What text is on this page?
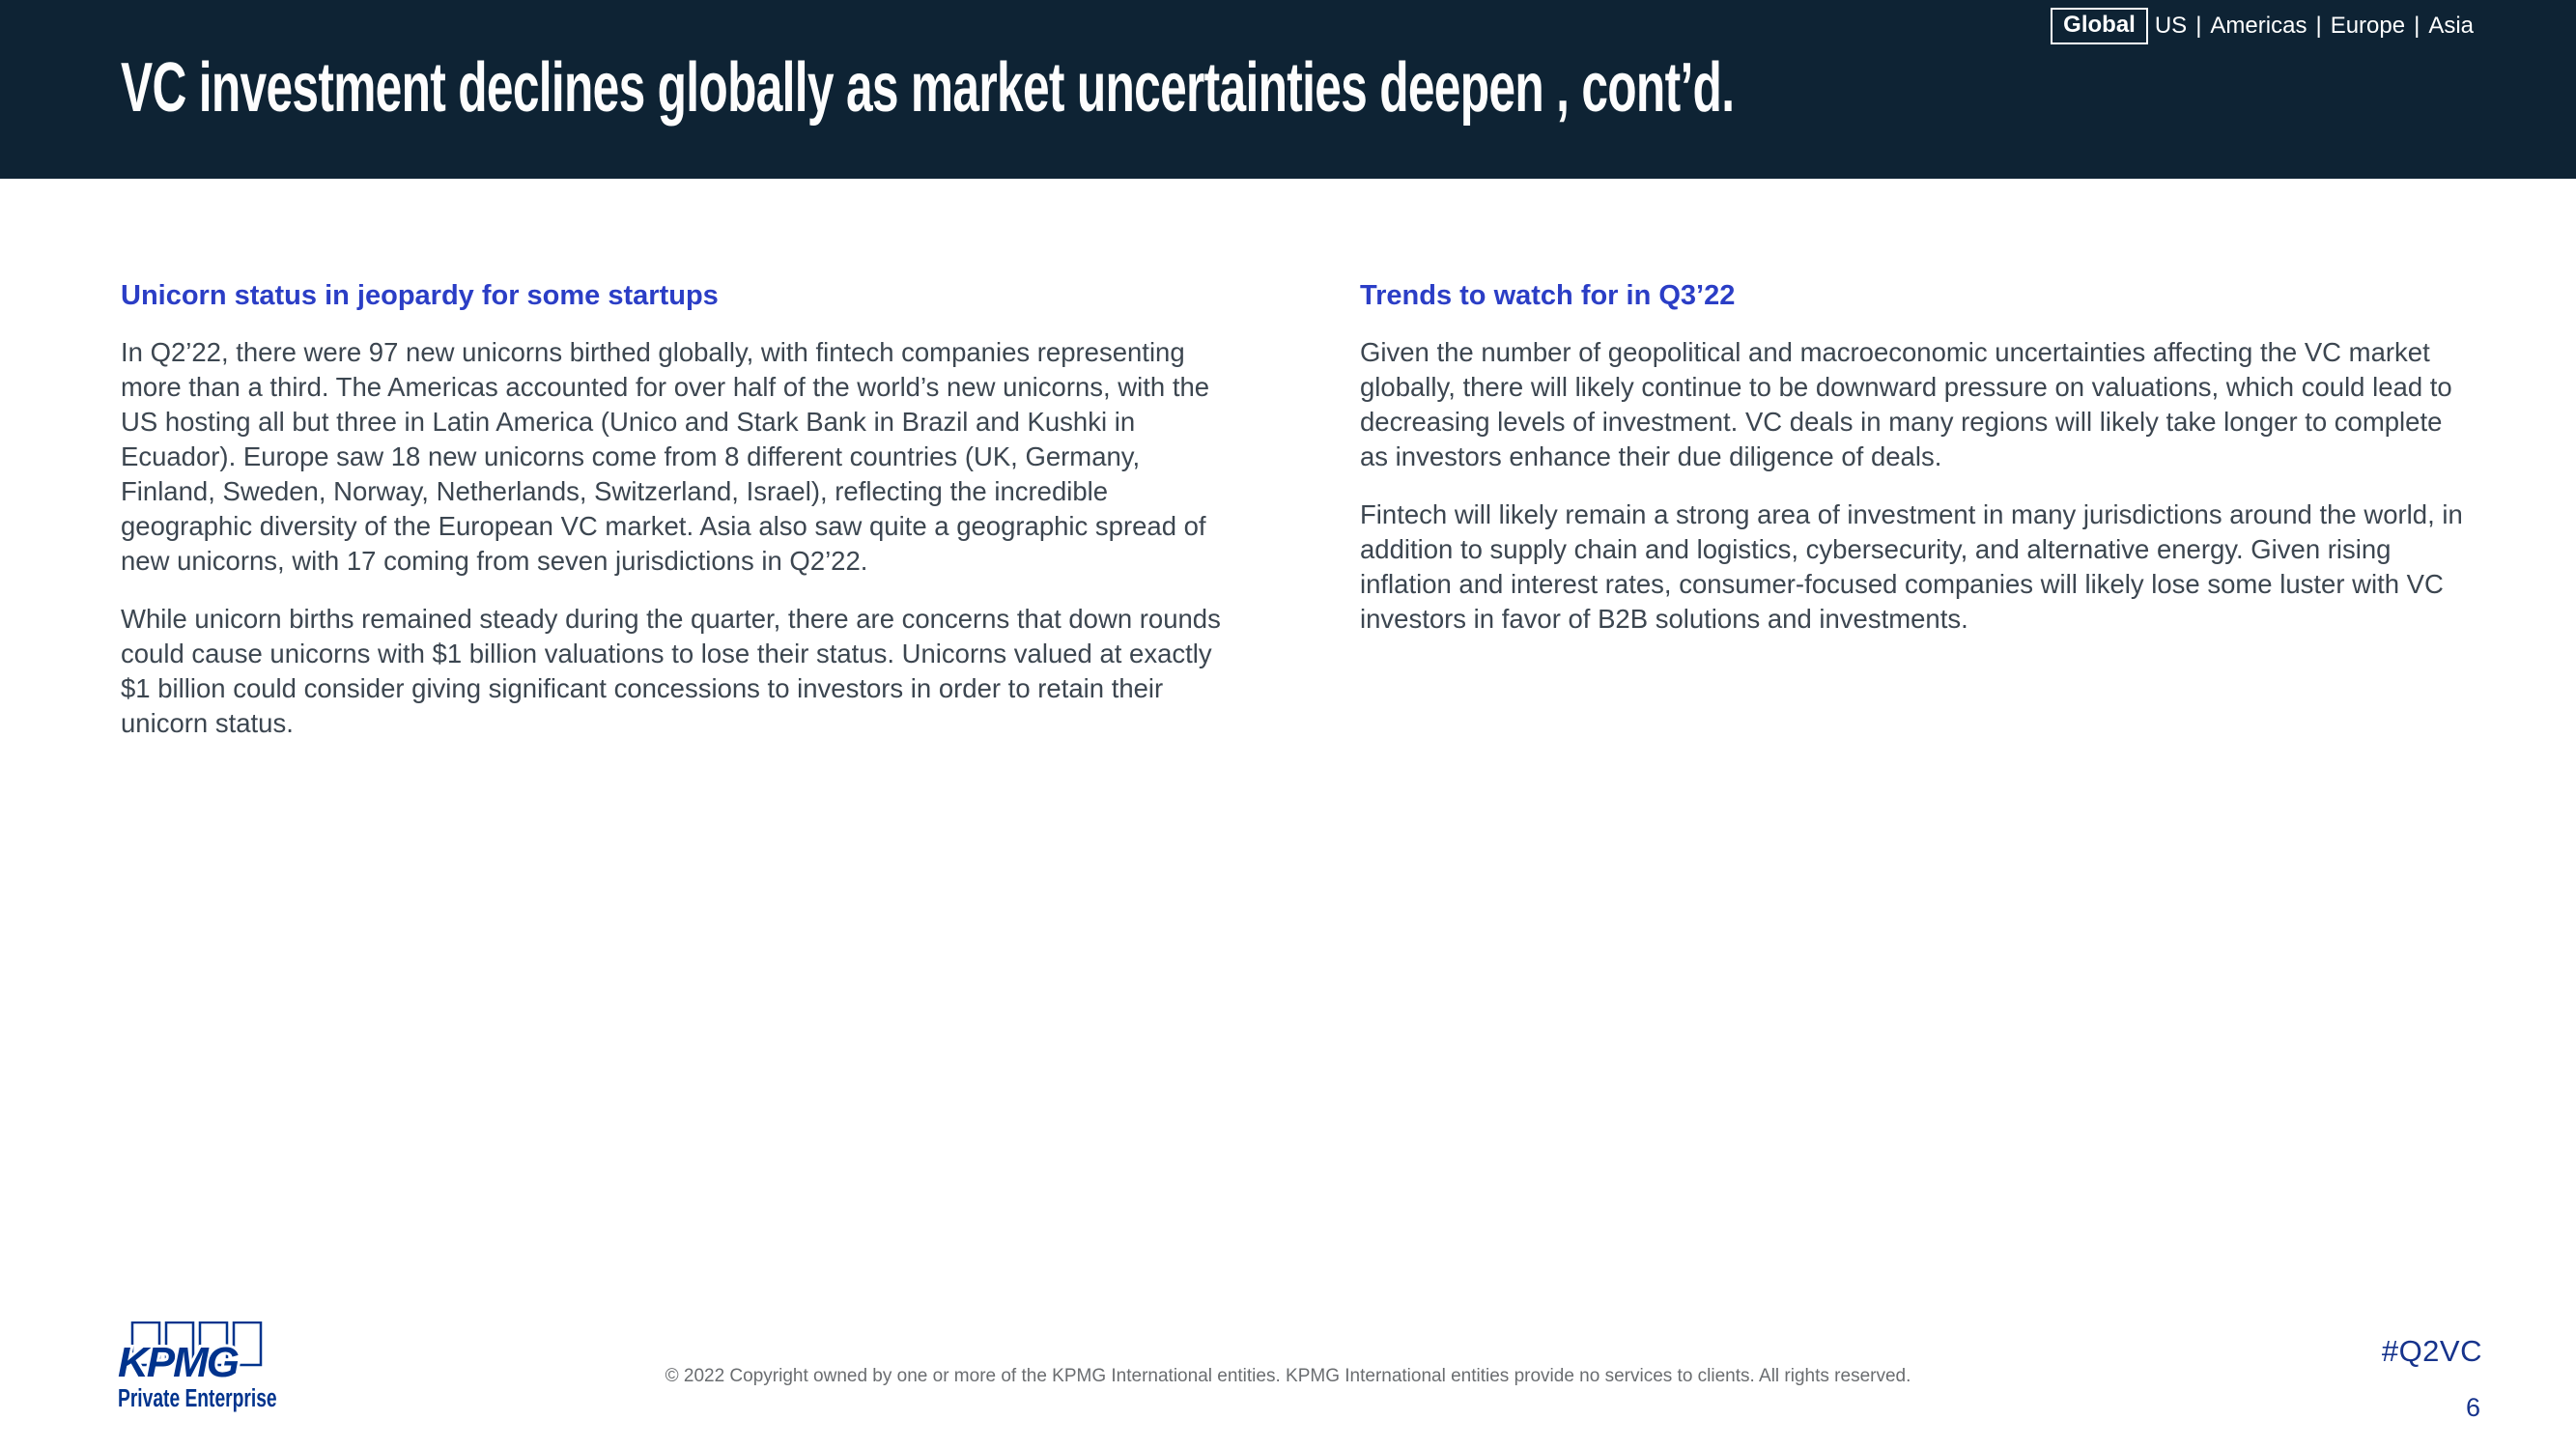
VC investment declines globally as market uncertainties deepen , cont’d.
Global US | Americas | Europe | Asia
Unicorn status in jeopardy for some startups

In Q2’22, there were 97 new unicorns birthed globally, with fintech companies representing more than a third. The Americas accounted for over half of the world’s new unicorns, with the US hosting all but three in Latin America (Unico and Stark Bank in Brazil and Kushki in Ecuador). Europe saw 18 new unicorns come from 8 different countries (UK, Germany, Finland, Sweden, Norway, Netherlands, Switzerland, Israel), reflecting the incredible geographic diversity of the European VC market. Asia also saw quite a geographic spread of new unicorns, with 17 coming from seven jurisdictions in Q2’22.

While unicorn births remained steady during the quarter, there are concerns that down rounds could cause unicorns with $1 billion valuations to lose their status. Unicorns valued at exactly $1 billion could consider giving significant concessions to investors in order to retain their unicorn status.

Trends to watch for in Q3’22

Given the number of geopolitical and macroeconomic uncertainties affecting the VC market globally, there will likely continue to be downward pressure on valuations, which could lead to decreasing levels of investment. VC deals in many regions will likely take longer to complete as investors enhance their due diligence of deals.

Fintech will likely remain a strong area of investment in many jurisdictions around the world, in addition to supply chain and logistics, cybersecurity, and alternative energy. Given rising inflation and interest rates, consumer-focused companies will likely lose some luster with VC investors in favor of B2B solutions and investments.

KPMG
Private Enterprise
© 2022 Copyright owned by one or more of the KPMG International entities. KPMG International entities provide no services to clients. All rights reserved.
#Q2VC
6
